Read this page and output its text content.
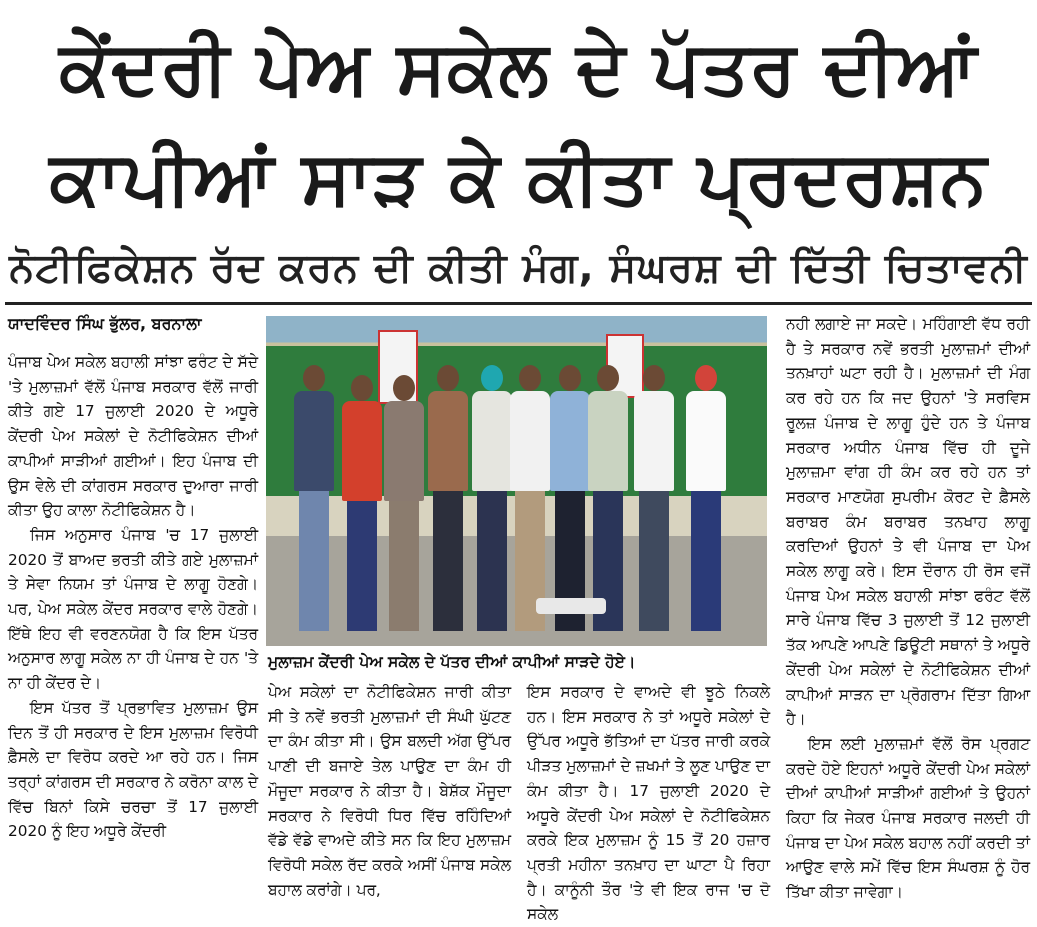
ਕੇਂਦਰੀ ਪੇਅ ਸਕੇਲ ਦੇ ਪੱਤਰ ਦੀਆਂ
ਕਾਪੀਆਂ ਸਾੜ ਕੇ ਕੀਤਾ ਪ੍ਰਦਰਸ਼ਨ
ਨੋਟੀਫਿਕੇਸ਼ਨ ਰੱਦ ਕਰਨ ਦੀ ਕੀਤੀ ਮੰਗ, ਸੰਘਰਸ਼ ਦੀ ਦਿੱਤੀ ਚਿਤਾਵਨੀ
ਯਾਦਵਿੰਦਰ ਸਿੰਘ ਭੁੱਲਰ, ਬਰਨਾਲਾ

ਪੰਜਾਬ ਪੇਅ ਸਕੇਲ ਬਹਾਲੀ ਸਾਂਝਾ ਫਰੰਟ ਦੇ ਸੱਦੇ 'ਤੇ ਮੁਲਾਜ਼ਮਾਂ ਵੱਲੋਂ ਪੰਜਾਬ ਸਰਕਾਰ ਵੱਲੋਂ ਜਾਰੀ ਕੀਤੇ ਗਏ 17 ਜੁਲਾਈ 2020 ਦੇ ਅਧੂਰੇ ਕੇਂਦਰੀ ਪੇਅ ਸਕੇਲਾਂ ਦੇ ਨੋਟੀਫਿਕੇਸ਼ਨ ਦੀਆਂ ਕਾਪੀਆਂ ਸਾੜੀਆਂ ਗਈਆਂ। ਇਹ ਪੰਜਾਬ ਦੀ ਉਸ ਵੇਲੇ ਦੀ ਕਾਂਗਰਸ ਸਰਕਾਰ ਦੁਆਰਾ ਜਾਰੀ ਕੀਤਾ ਉਹ ਕਾਲਾ ਨੋਟੀਫਿਕੇਸ਼ਨ ਹੈ।

ਜਿਸ ਅਨੁਸਾਰ ਪੰਜਾਬ 'ਚ 17 ਜੁਲਾਈ 2020 ਤੋਂ ਬਾਅਦ ਭਰਤੀ ਕੀਤੇ ਗਏ ਮੁਲਾਜ਼ਮਾਂ ਤੇ ਸੇਵਾ ਨਿਯਮ ਤਾਂ ਪੰਜਾਬ ਦੇ ਲਾਗੂ ਹੋਣਗੇ। ਪਰ, ਪੇਅ ਸਕੇਲ ਕੇਂਦਰ ਸਰਕਾਰ ਵਾਲੇ ਹੋਣਗੇ। ਇੱਥੇ ਇਹ ਵੀ ਵਰਣਨਯੋਗ ਹੈ ਕਿ ਇਸ ਪੱਤਰ ਅਨੁਸਾਰ ਲਾਗੂ ਸਕੇਲ ਨਾ ਹੀ ਪੰਜਾਬ ਦੇ ਹਨ 'ਤੇ ਨਾ ਹੀ ਕੇਂਦਰ ਦੇ।

ਇਸ ਪੱਤਰ ਤੋਂ ਪ੍ਰਭਾਵਿਤ ਮੁਲਾਜ਼ਮ ਉਸ ਦਿਨ ਤੋਂ ਹੀ ਸਰਕਾਰ ਦੇ ਇਸ ਮੁਲਾਜ਼ਮ ਵਿਰੋਧੀ ਫ਼ੈਸਲੇ ਦਾ ਵਿਰੋਧ ਕਰਦੇ ਆ ਰਹੇ ਹਨ। ਜਿਸ ਤਰ੍ਹਾਂ ਕਾਂਗਰਸ ਦੀ ਸਰਕਾਰ ਨੇ ਕਰੋਨਾ ਕਾਲ ਦੇ ਵਿੱਚ ਬਿਨਾਂ ਕਿਸੇ ਚਰਚਾ ਤੋਂ 17 ਜੁਲਾਈ 2020 ਨੂੰ ਇਹ ਅਧੂਰੇ ਕੇਂਦਰੀ

ਮੁਲਾਜ਼ਮ ਕੇਂਦਰੀ ਪੇਅ ਸਕੇਲ ਦੇ ਪੱਤਰ ਦੀਆਂ ਕਾਪੀਆਂ ਸਾੜਦੇ ਹੋਏ।

ਪੇਅ ਸਕੇਲਾਂ ਦਾ ਨੋਟੀਫਿਕੇਸ਼ਨ ਜਾਰੀ ਕੀਤਾ ਸੀ ਤੇ ਨਵੇਂ ਭਰਤੀ ਮੁਲਾਜ਼ਮਾਂ ਦੀ ਸੰਘੀ ਘੁੱਟਣ ਦਾ ਕੰਮ ਕੀਤਾ ਸੀ। ਉਸ ਬਲਦੀ ਅੱਗ ਉੱਪਰ ਪਾਣੀ ਦੀ ਬਜਾਏ ਤੇਲ ਪਾਉਣ ਦਾ ਕੰਮ ਹੀ ਮੌਜੂਦਾ ਸਰਕਾਰ ਨੇ ਕੀਤਾ ਹੈ। ਬੇਸ਼ੱਕ ਮੌਜੂਦਾ ਸਰਕਾਰ ਨੇ ਵਿਰੋਧੀ ਧਿਰ ਵਿੱਚ ਰਹਿੰਦਿਆਂ ਵੱਡੇ ਵੱਡੇ ਵਾਅਦੇ ਕੀਤੇ ਸਨ ਕਿ ਇਹ ਮੁਲਾਜ਼ਮ ਵਿਰੋਧੀ ਸਕੇਲ ਰੱਦ ਕਰਕੇ ਅਸੀਂ ਪੰਜਾਬ ਸਕੇਲ ਬਹਾਲ ਕਰਾਂਗੇ। ਪਰ,

ਇਸ ਸਰਕਾਰ ਦੇ ਵਾਅਦੇ ਵੀ ਝੂਠੇ ਨਿਕਲੇ ਹਨ। ਇਸ ਸਰਕਾਰ ਨੇ ਤਾਂ ਅਧੂਰੇ ਸਕੇਲਾਂ ਦੇ ਉੱਪਰ ਅਧੂਰੇ ਭੱਤਿਆਂ ਦਾ ਪੱਤਰ ਜਾਰੀ ਕਰਕੇ ਪੀੜਤ ਮੁਲਾਜ਼ਮਾਂ ਦੇ ਜ਼ਖਮਾਂ ਤੇ ਲੂਣ ਪਾਉਣ ਦਾ ਕੰਮ ਕੀਤਾ ਹੈ। 17 ਜੁਲਾਈ 2020 ਦੇ ਅਧੂਰੇ ਕੇਂਦਰੀ ਪੇਅ ਸਕੇਲਾਂ ਦੇ ਨੋਟੀਫਿਕੇਸ਼ਨ ਕਰਕੇ ਇਕ ਮੁਲਾਜ਼ਮ ਨੂੰ 15 ਤੋਂ 20 ਹਜ਼ਾਰ ਪ੍ਰਤੀ ਮਹੀਨਾ ਤਨਖ਼ਾਹ ਦਾ ਘਾਟਾ ਪੈ ਰਿਹਾ ਹੈ। ਕਾਨੂੰਨੀ ਤੌਰ 'ਤੇ ਵੀ ਇਕ ਰਾਜ 'ਚ ਦੋ ਸਕੇਲ

ਨਹੀ ਲਗਾਏ ਜਾ ਸਕਦੇ। ਮਹਿੰਗਾਈ ਵੱਧ ਰਹੀ ਹੈ ਤੇ ਸਰਕਾਰ ਨਵੇਂ ਭਰਤੀ ਮੁਲਾਜ਼ਮਾਂ ਦੀਆਂ ਤਨਖ਼ਾਹਾਂ ਘਟਾ ਰਹੀ ਹੈ। ਮੁਲਾਜ਼ਮਾਂ ਦੀ ਮੰਗ ਕਰ ਰਹੇ ਹਨ ਕਿ ਜਦ ਉਹਨਾਂ 'ਤੇ ਸਰਵਿਸ ਰੂਲਜ਼ ਪੰਜਾਬ ਦੇ ਲਾਗੂ ਹੁੰਦੇ ਹਨ ਤੇ ਪੰਜਾਬ ਸਰਕਾਰ ਅਧੀਨ ਪੰਜਾਬ ਵਿੱਚ ਹੀ ਦੂਜੇ ਮੁਲਾਜ਼ਮਾ ਵਾਂਗ ਹੀ ਕੰਮ ਕਰ ਰਹੇ ਹਨ ਤਾਂ ਸਰਕਾਰ ਮਾਣਯੋਗ ਸੁਪਰੀਮ ਕੋਰਟ ਦੇ ਫ਼ੈਸਲੇ ਬਰਾਬਰ ਕੰਮ ਬਰਾਬਰ ਤਨਖਾਹ ਲਾਗੂ ਕਰਦਿਆਂ ਉਹਨਾਂ ਤੇ ਵੀ ਪੰਜਾਬ ਦਾ ਪੇਅ ਸਕੇਲ ਲਾਗੂ ਕਰੇ। ਇਸ ਦੌਰਾਨ ਹੀ ਰੋਸ ਵਜੋਂ ਪੰਜਾਬ ਪੇਅ ਸਕੇਲ ਬਹਾਲੀ ਸਾਂਝਾ ਫਰੰਟ ਵੱਲੋਂ ਸਾਰੇ ਪੰਜਾਬ ਵਿੱਚ 3 ਜੁਲਾਈ ਤੋਂ 12 ਜੁਲਾਈ ਤੱਕ ਆਪਣੇ ਆਪਣੇ ਡਿਊਟੀ ਸਥਾਨਾਂ ਤੇ ਅਧੂਰੇ ਕੇਂਦਰੀ ਪੇਅ ਸਕੇਲਾਂ ਦੇ ਨੋਟੀਫਿਕੇਸ਼ਨ ਦੀਆਂ ਕਾਪੀਆਂ ਸਾੜਨ ਦਾ ਪ੍ਰੋਗਰਾਮ ਦਿੱਤਾ ਗਿਆ ਹੈ।

ਇਸ ਲਈ ਮੁਲਾਜ਼ਮਾਂ ਵੱਲੋਂ ਰੋਸ ਪ੍ਰਗਟ ਕਰਦੇ ਹੋਏ ਇਹਨਾਂ ਅਧੂਰੇ ਕੇਂਦਰੀ ਪੇਅ ਸਕੇਲਾਂ ਦੀਆਂ ਕਾਪੀਆਂ ਸਾੜੀਆਂ ਗਈਆਂ ਤੇ ਉਹਨਾਂ ਕਿਹਾ ਕਿ ਜੇਕਰ ਪੰਜਾਬ ਸਰਕਾਰ ਜਲਦੀ ਹੀ ਪੰਜਾਬ ਦਾ ਪੇਅ ਸਕੇਲ ਬਹਾਲ ਨਹੀਂ ਕਰਦੀ ਤਾਂ ਆਉਣ ਵਾਲੇ ਸਮੇਂ ਵਿੱਚ ਇਸ ਸੰਘਰਸ਼ ਨੂੰ ਹੋਰ ਤਿੱਖਾ ਕੀਤਾ ਜਾਵੇਗਾ।
